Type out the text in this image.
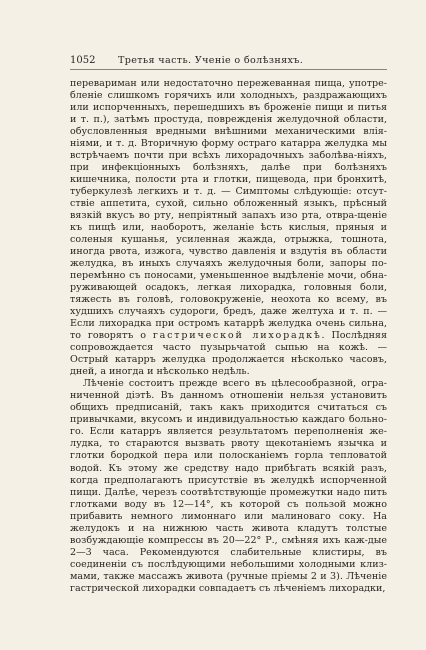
1052 Третья часть. Ученіе о болѣзняхъ.

перевариман или недостаточно пережеванная пища, употре-бленіе слишкомъ горячихъ или холодныхъ, раздражающихъ или испорченныхъ, перешедшихъ въ броженіе пищи и питья и т. п.), затѣмъ простуда, поврежденія желудочной области, обусловленныя вредными внѣшними механическими влія-ніями, и т. д. Вторичную форму остраго катарра желудка мы встрѣчаемъ почти при всѣхъ лихорадочныхъ заболѣва-ніяхъ, при инфекціонныхъ болѣзняхъ, далѣе при болѣзняхъ кишечника, полости рта и глотки, пищевода, при бронхитѣ, туберкулезѣ легкихъ и т. д. — Симптомы слѣдующіе: отсут-ствіе аппетита, сухой, сильно обложенный языкъ, прѣсный вязкій вкусъ во рту, непріятный запахъ изо рта, отвра-щеніе къ пищѣ или, наоборотъ, желаніе ѣсть кислыя, пряныя и соленыя кушанья, усиленная жажда, отрыжка, тошнота, иногда рвота, изжога, чувство давленія и вздутія въ области желудка, въ иныхъ случаяхъ желудочныя боли, запоры по-перемѣнно съ поносами, уменьшенное выдѣленіе мочи, обна-руживающей осадокъ, легкая лихорадка, головныя боли, тяжесть въ головѣ, головокруженіе, неохота ко всему, въ худшихъ случаяхъ судороги, бредъ, даже желтуха и т. п. — Если лихорадка при остромъ катаррѣ желудка очень сильна, то говорятъ о гастрической лихорадкѣ. Послѣдняя сопровождается часто пузырьчатой сыпью на кожѣ. — Острый катарръ желудка продолжается нѣсколько часовъ, дней, а иногда и нѣсколько недѣль.

Лѣченіе состоитъ прежде всего въ цѣлесообразной, огра-ниченной діэтѣ. Въ данномъ отношеніи нельзя установить общихъ предписаній, такъ какъ приходится считаться съ привычками, вкусомъ и индивидуальностью каждаго больно-го. Если катарръ является результатомъ переполненія же-лудка, то стараются вызвать рвоту щекотаніемъ язычка и глотки бородкой пера или полосканіемъ горла тепловатой водой. Къ этому же средству надо прибѣгать всякій разъ, когда предполагаютъ присутствіе въ желудкѣ испорченной пищи. Далѣе, черезъ соотвѣтствующіе промежутки надо пить глотками воду въ 12—14°, къ которой съ пользой можно прибавить немного лимоннаго или малиноваго соку. На желудокъ и на нижнюю часть живота кладутъ толстые возбуждающіе компрессы въ 20—22° Р., смѣняя ихъ каж-дые 2—3 часа. Рекомендуются слабительные клистиры, въ соединеніи съ послѣдующими небольшими холодными клиз-мами, также массажъ живота (ручные пріемы 2 и 3). Лѣченіе гастрической лихорадки совпадаетъ съ лѣченіемъ лихорадки,
